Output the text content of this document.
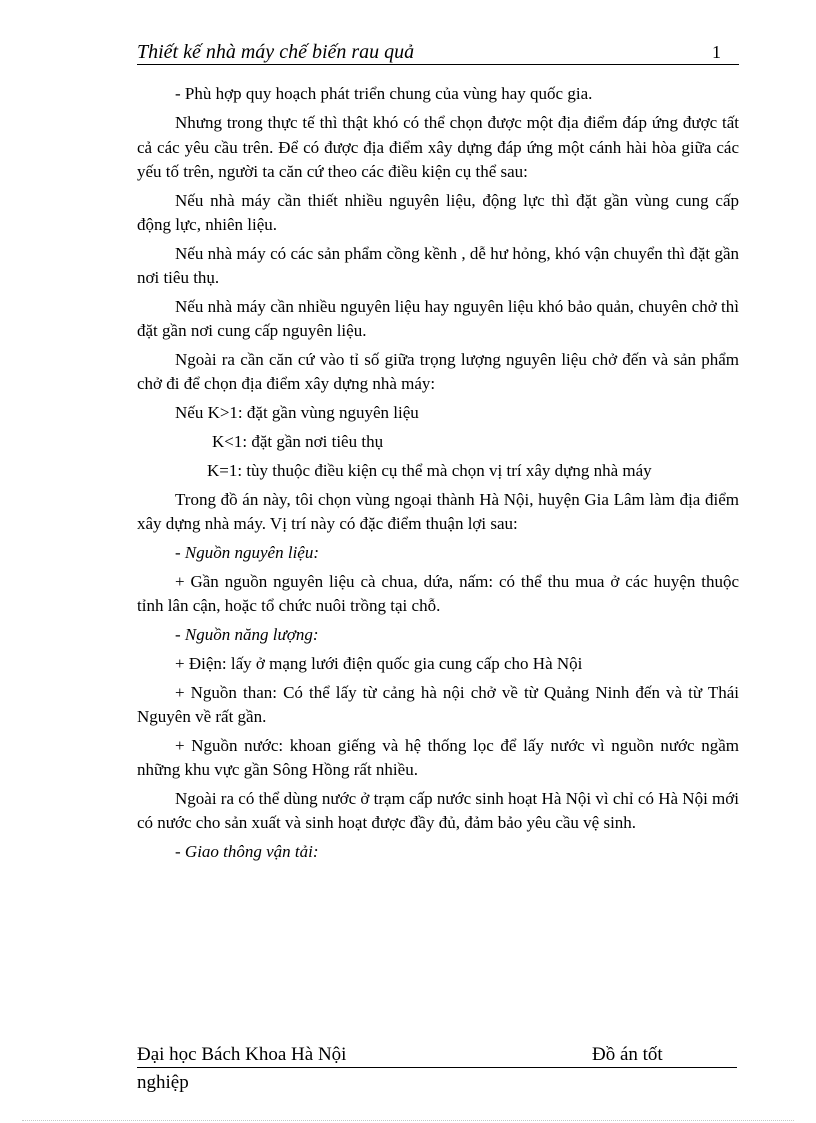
Thiết kế nhà máy chế biến rau quả	1
- Phù hợp quy hoạch phát triển chung của vùng hay quốc gia.

Nhưng trong thực tế thì thật khó có thể chọn được một địa điểm đáp ứng được tất cả các yêu cầu trên. Để có được địa điểm xây dựng đáp ứng một cánh hài hòa giữa các yếu tố trên, người ta căn cứ theo các điều kiện cụ thể sau:

Nếu nhà máy cần thiết nhiều nguyên liệu, động lực thì đặt gần vùng cung cấp động lực, nhiên liệu.

Nếu nhà máy có các sản phẩm cồng kềnh , dễ hư hỏng, khó vận chuyển thì đặt gần nơi tiêu thụ.

Nếu nhà máy cần nhiều nguyên liệu hay nguyên liệu khó bảo quản, chuyên chở thì đặt gần nơi cung cấp nguyên liệu.

Ngoài ra cần căn cứ vào tỉ số giữa trọng lượng nguyên liệu chở đến và sản phẩm chở đi để chọn địa điểm xây dựng nhà máy:

Nếu K>1: đặt gần vùng nguyên liệu
K<1: đặt gần nơi tiêu thụ
K=1: tùy thuộc điều kiện cụ thể mà chọn vị trí xây dựng nhà máy

Trong đồ án này, tôi chọn vùng ngoại thành Hà Nội, huyện Gia Lâm làm địa điểm xây dựng nhà máy. Vị trí này có đặc điểm thuận lợi sau:

- Nguồn nguyên liệu:

+ Gần nguồn nguyên liệu cà chua, dứa, nấm: có thể thu mua ở các huyện thuộc tỉnh lân cận, hoặc tổ chức nuôi trồng tại chỗ.

- Nguồn năng lượng:
+ Điện: lấy ở mạng lưới điện quốc gia cung cấp cho Hà Nội

+ Nguồn than: Có thể lấy từ cảng hà nội chở về từ Quảng Ninh đến và từ Thái Nguyên về rất gần.

+ Nguồn nước: khoan giếng và hệ thống lọc để lấy nước vì nguồn nước ngầm những khu vực gần Sông Hồng rất nhiều.

Ngoài ra có thể dùng nước ở trạm cấp nước sinh hoạt Hà Nội vì chỉ có Hà Nội mới có nước cho sản xuất và sinh hoạt được đầy đủ, đảm bảo yêu cầu vệ sinh.

- Giao thông vận tải:
Đại học Bách Khoa Hà Nội	Đồ án tốt
nghiệp
